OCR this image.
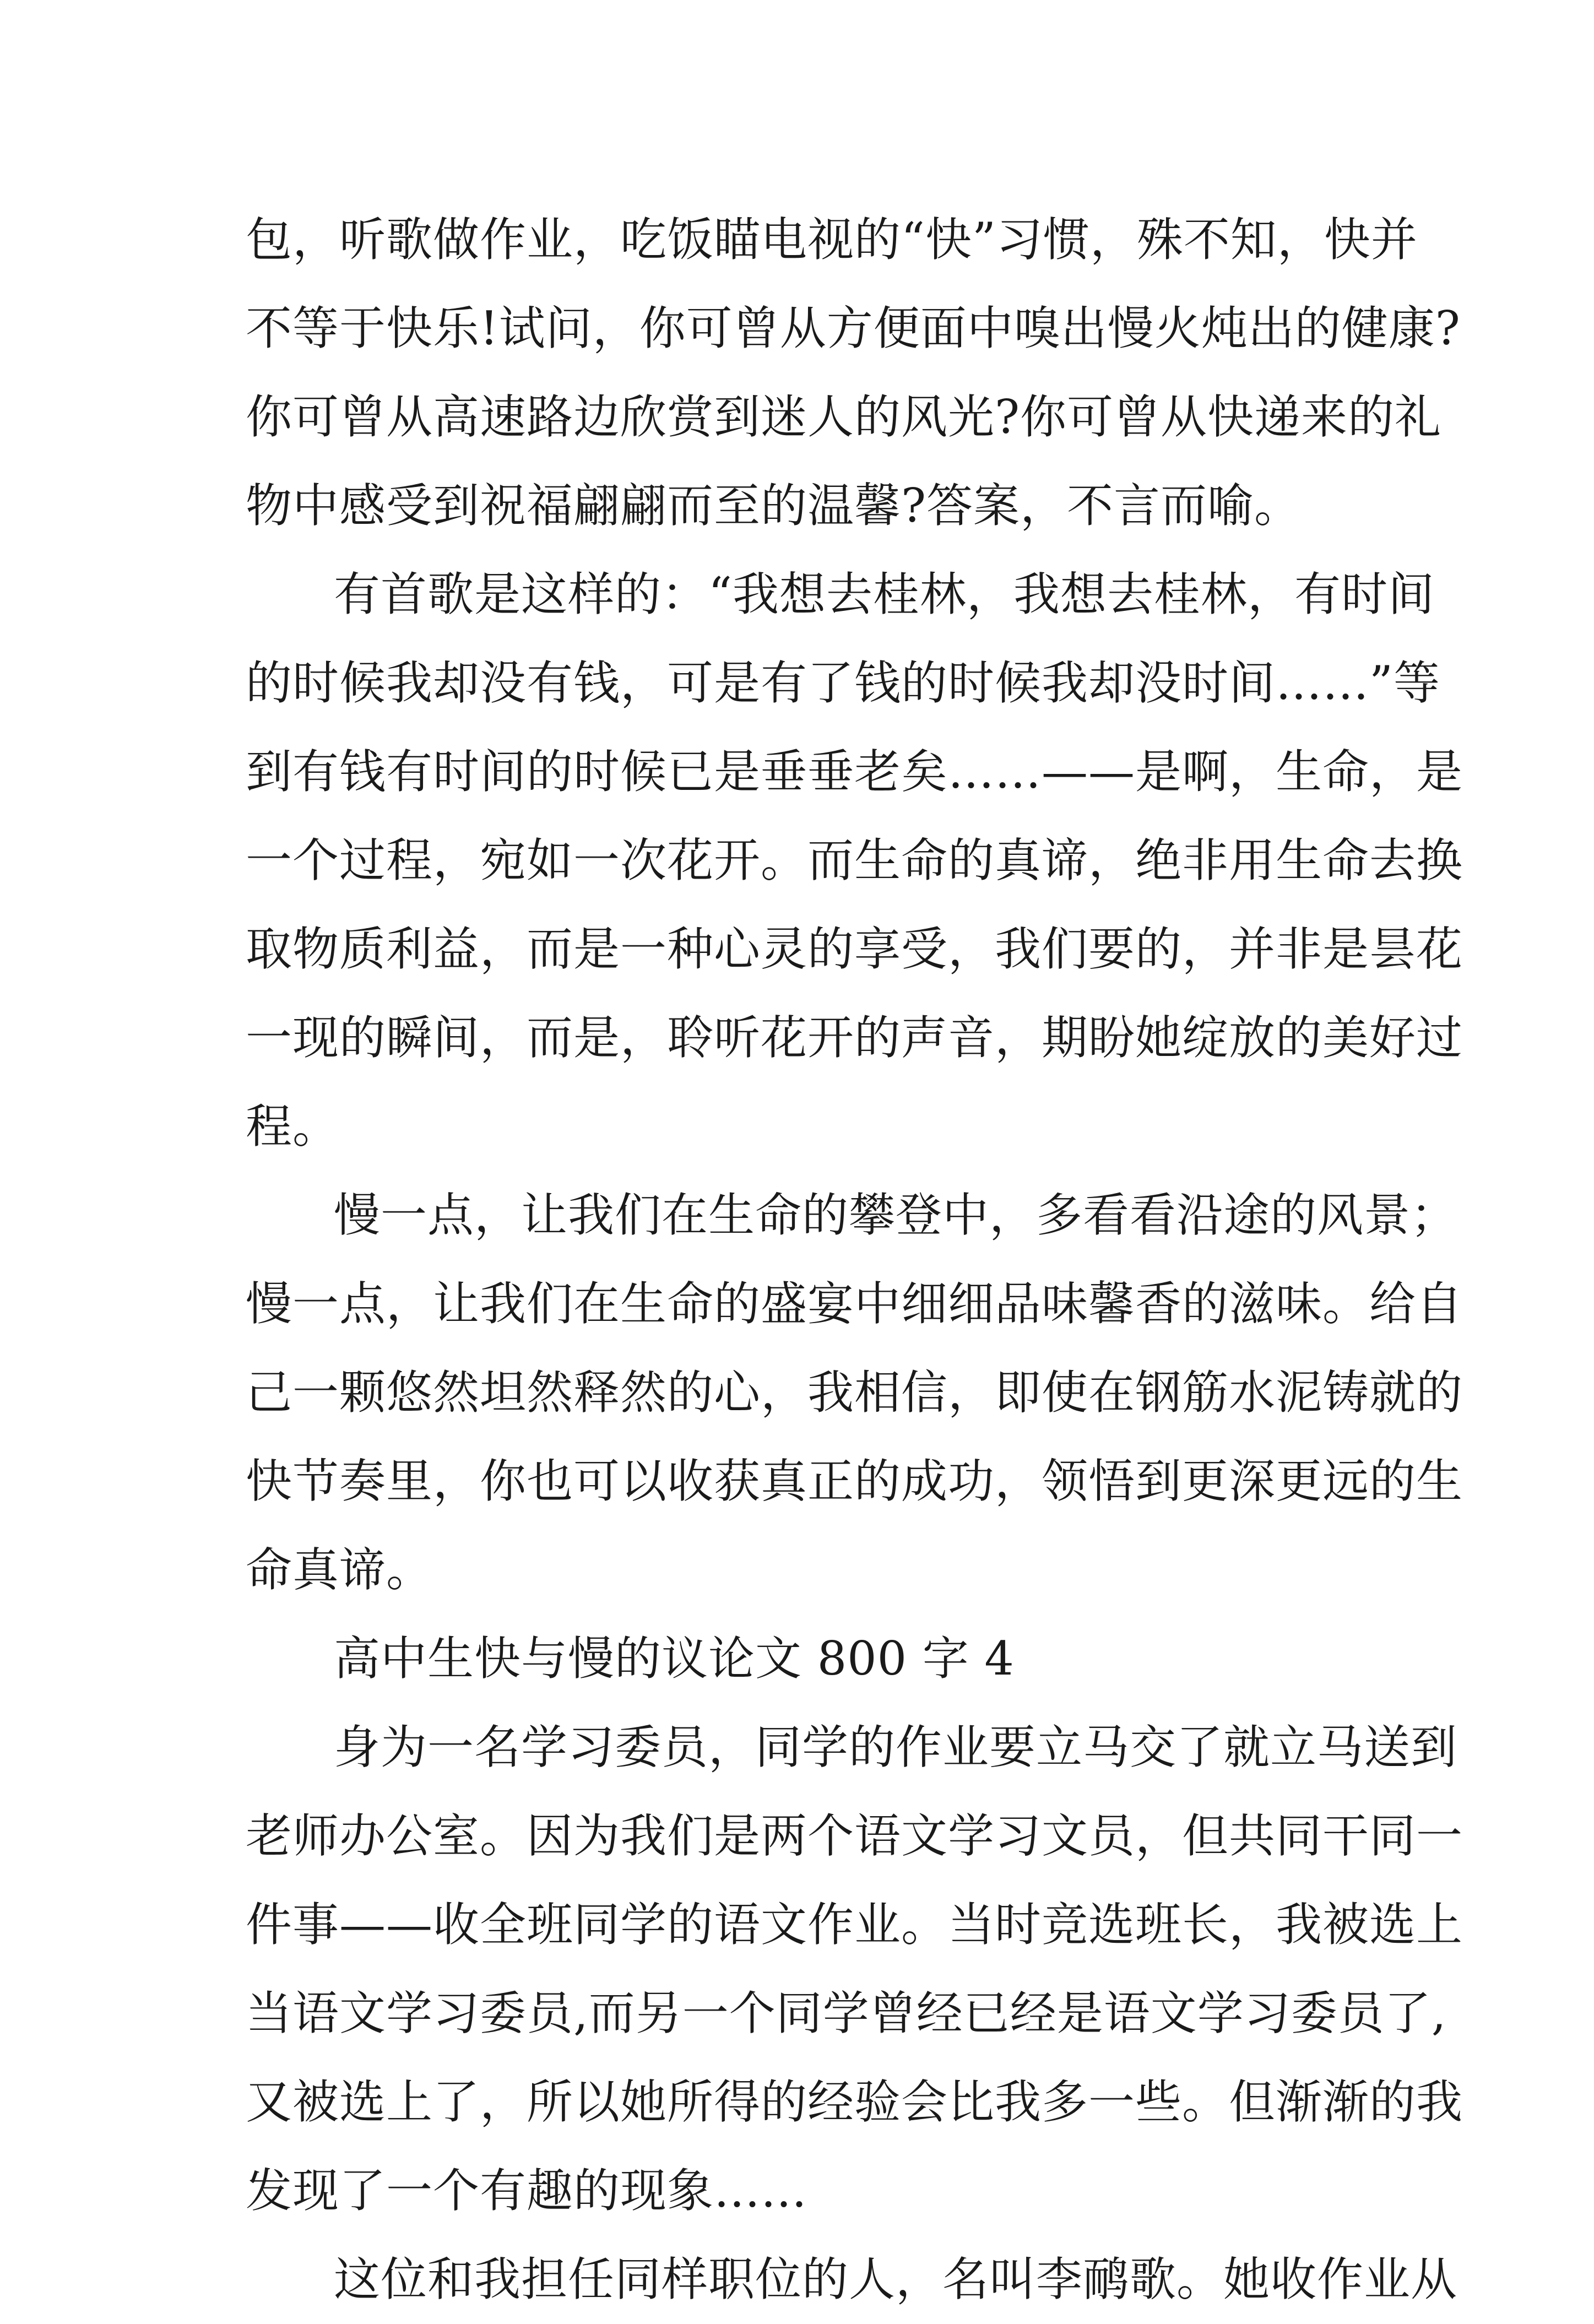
包，听歌做作业，吃饭瞄电视的“快”习惯，殊不知，快并
不等于快乐!试问，你可曾从方便面中嗅出慢火炖出的健康?
你可曾从高速路边欣赏到迷人的风光?你可曾从快递来的礼
物中感受到祝福翩翩而至的温馨?答案，不言而喻。
有首歌是这样的：“我想去桂林，我想去桂林，有时间
的时候我却没有钱，可是有了钱的时候我却没时间……”等
到有钱有时间的时候已是垂垂老矣……——是啊，生命，是
一个过程，宛如一次花开。而生命的真谛，绝非用生命去换
取物质利益，而是一种心灵的享受，我们要的，并非是昙花
一现的瞬间，而是，聆听花开的声音，期盼她绽放的美好过
程。
慢一点，让我们在生命的攀登中，多看看沿途的风景；
慢一点，让我们在生命的盛宴中细细品味馨香的滋味。给自
己一颗悠然坦然释然的心，我相信，即使在钢筋水泥铸就的
快节奏里，你也可以收获真正的成功，领悟到更深更远的生
命真谛。
高中生快与慢的议论文 800 字 4
身为一名学习委员，同学的作业要立马交了就立马送到
老师办公室。因为我们是两个语文学习文员，但共同干同一
件事——收全班同学的语文作业。当时竞选班长，我被选上
当语文学习委员,而另一个同学曾经已经是语文学习委员了,
又被选上了，所以她所得的经验会比我多一些。但渐渐的我
发现了一个有趣的现象……
这位和我担任同样职位的人，名叫李鸸歌。她收作业从
